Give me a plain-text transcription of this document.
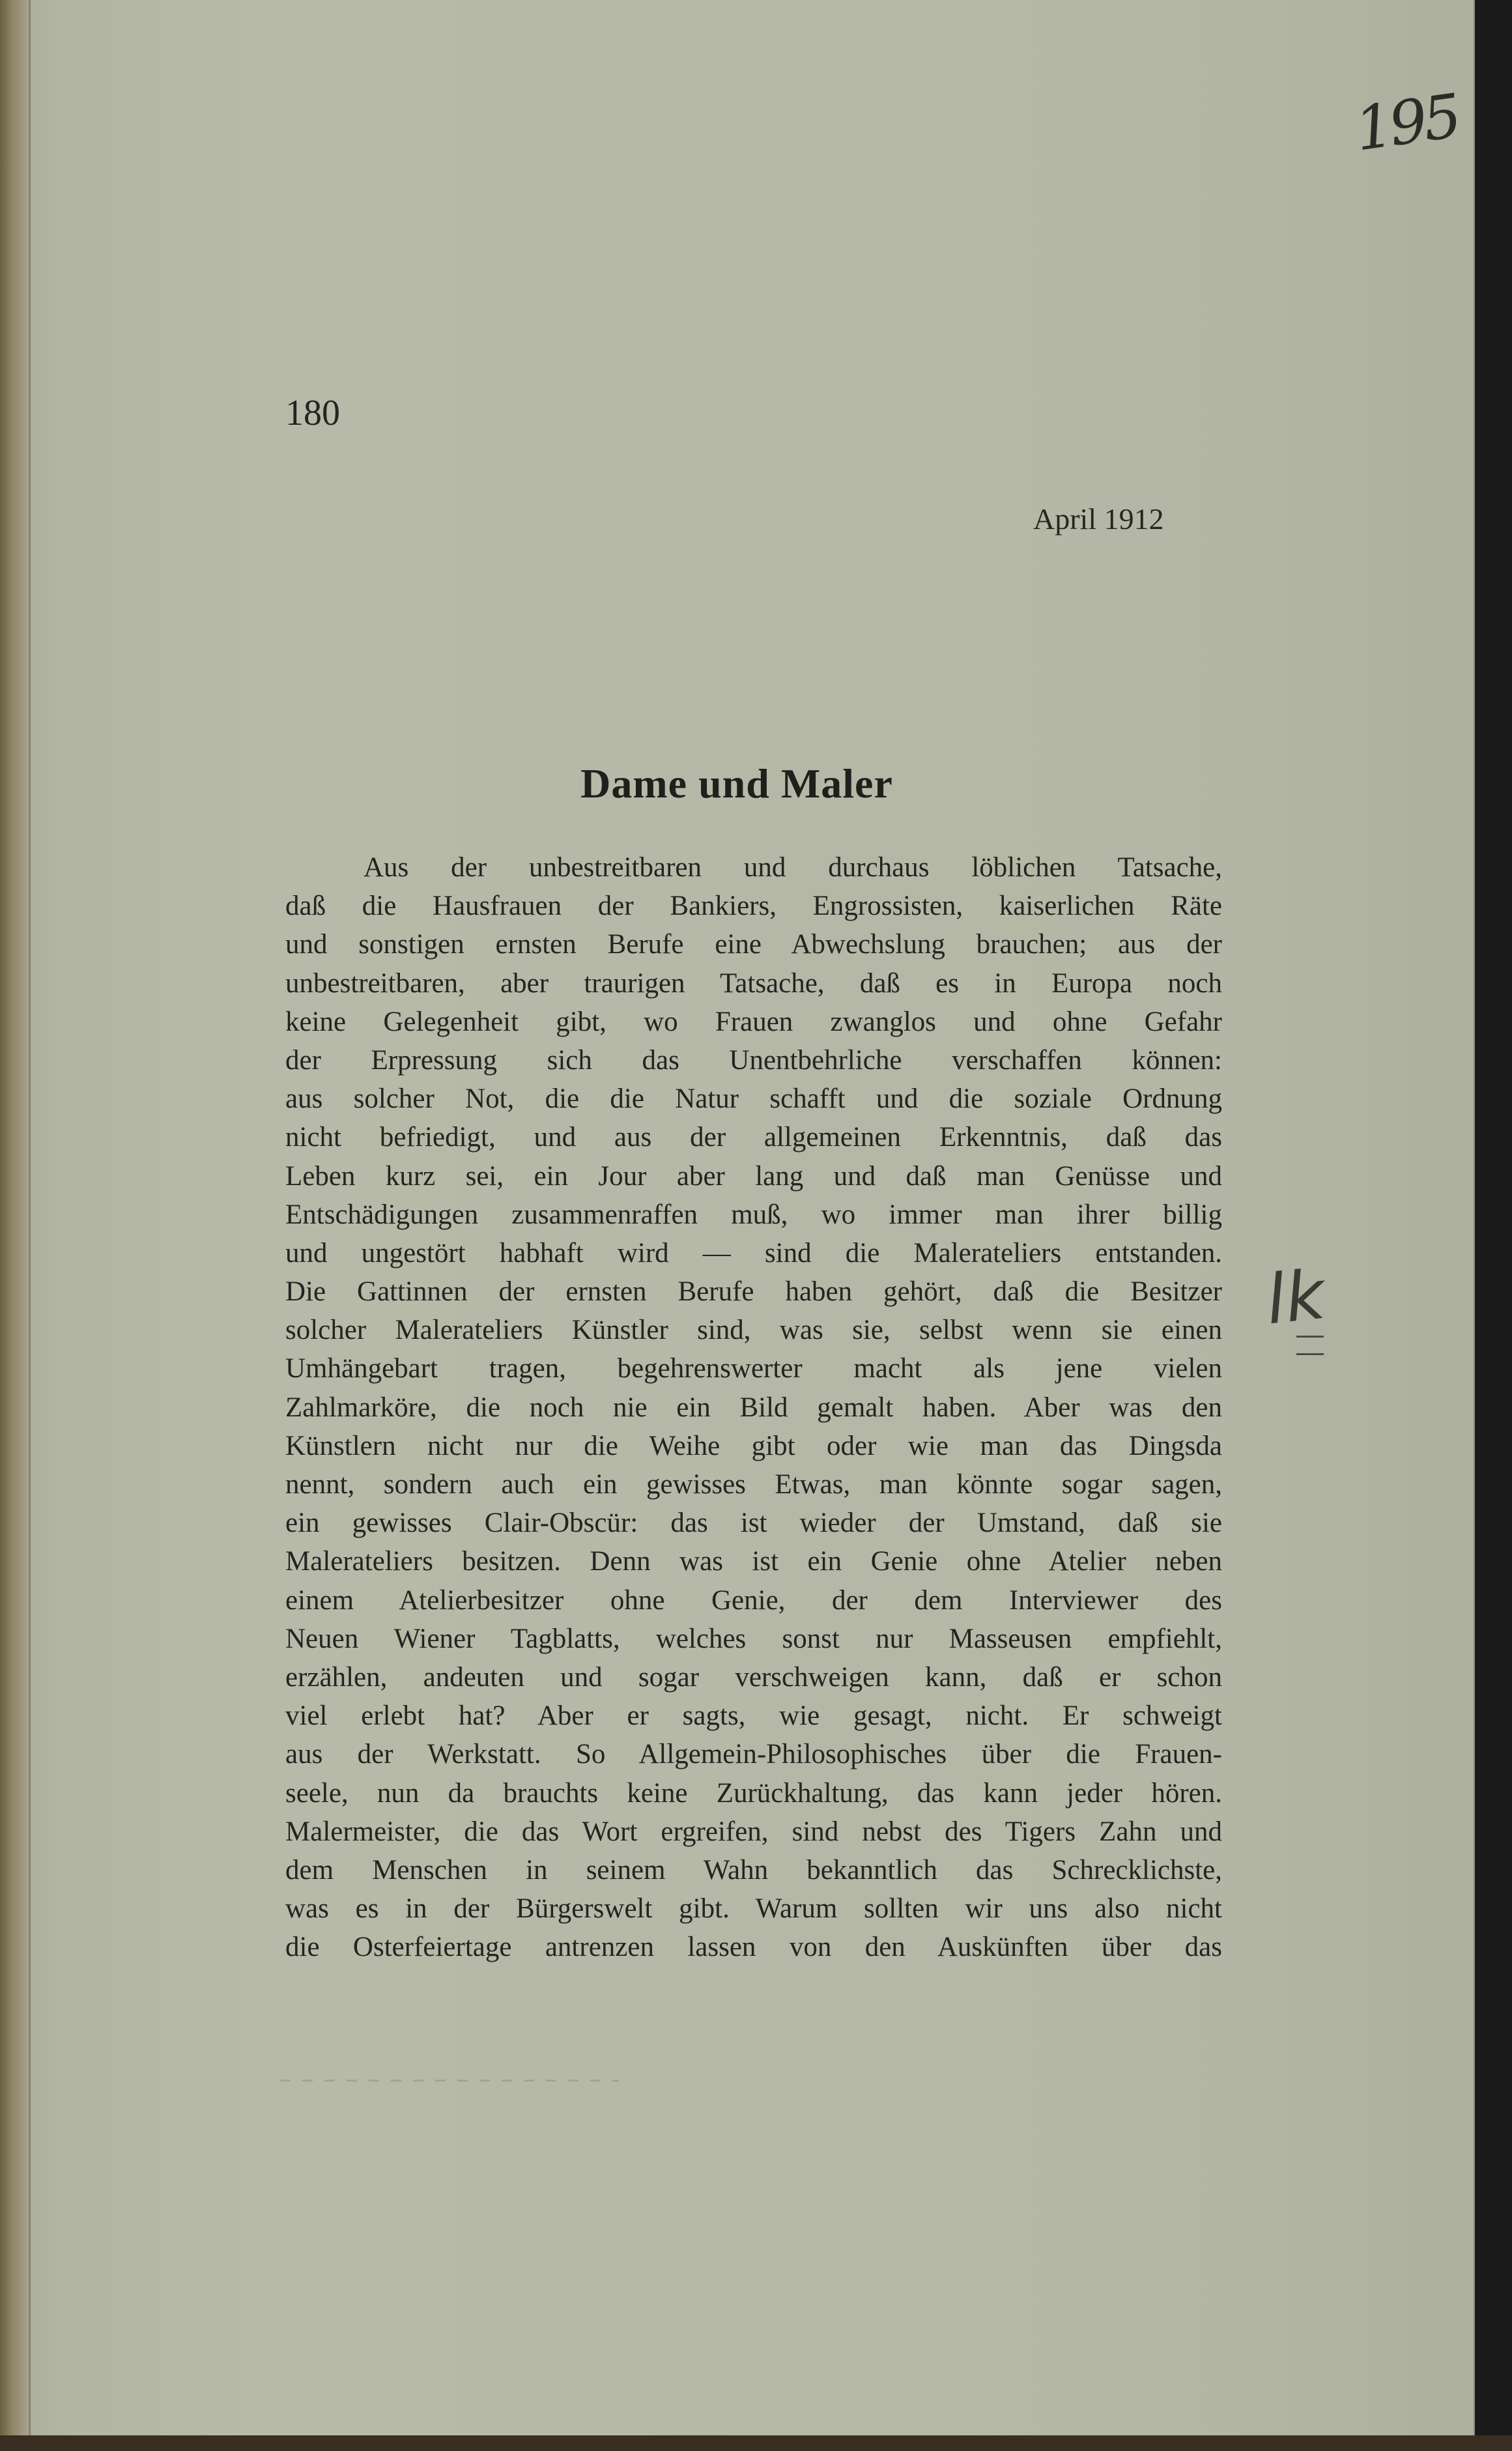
195
180
April 1912
Dame und Maler
Aus der unbestreitbaren und durchaus löblichen Tatsache,
daß die Hausfrauen der Bankiers, Engrossisten, kaiserlichen Räte
und sonstigen ernsten Berufe eine Abwechslung brauchen; aus der
unbestreitbaren, aber traurigen Tatsache, daß es in Europa noch
keine Gelegenheit gibt, wo Frauen zwanglos und ohne Gefahr
der Erpressung sich das Unentbehrliche verschaffen können:
aus solcher Not, die die Natur schafft und die soziale Ordnung
nicht befriedigt, und aus der allgemeinen Erkenntnis, daß das
Leben kurz sei, ein Jour aber lang und daß man Genüsse und
Entschädigungen zusammenraffen muß, wo immer man ihrer billig
und ungestört habhaft wird — sind die Malerateliers entstanden.
Die Gattinnen der ernsten Berufe haben gehört, daß die Besitzer
solcher Malerateliers Künstler sind, was sie, selbst wenn sie einen
Umhängebart tragen, begehrenswerter macht als jene vielen
Zahlmarköre, die noch nie ein Bild gemalt haben. Aber was den
Künstlern nicht nur die Weihe gibt oder wie man das Dingsda
nennt, sondern auch ein gewisses Etwas, man könnte sogar sagen,
ein gewisses Clair-Obscür: das ist wieder der Umstand, daß sie
Malerateliers besitzen. Denn was ist ein Genie ohne Atelier neben
einem Atelierbesitzer ohne Genie, der dem Interviewer des
Neuen Wiener Tagblatts, welches sonst nur Masseusen empfiehlt,
erzählen, andeuten und sogar verschweigen kann, daß er schon
viel erlebt hat? Aber er sagts, wie gesagt, nicht. Er schweigt
aus der Werkstatt. So Allgemein-Philosophisches über die Frauen-
seele, nun da brauchts keine Zurückhaltung, das kann jeder hören.
Malermeister, die das Wort ergreifen, sind nebst des Tigers Zahn und
dem Menschen in seinem Wahn bekanntlich das Schrecklichste,
was es in der Bürgerswelt gibt. Warum sollten wir uns also nicht
die Osterfeiertage antrenzen lassen von den Auskünften über das
lk
